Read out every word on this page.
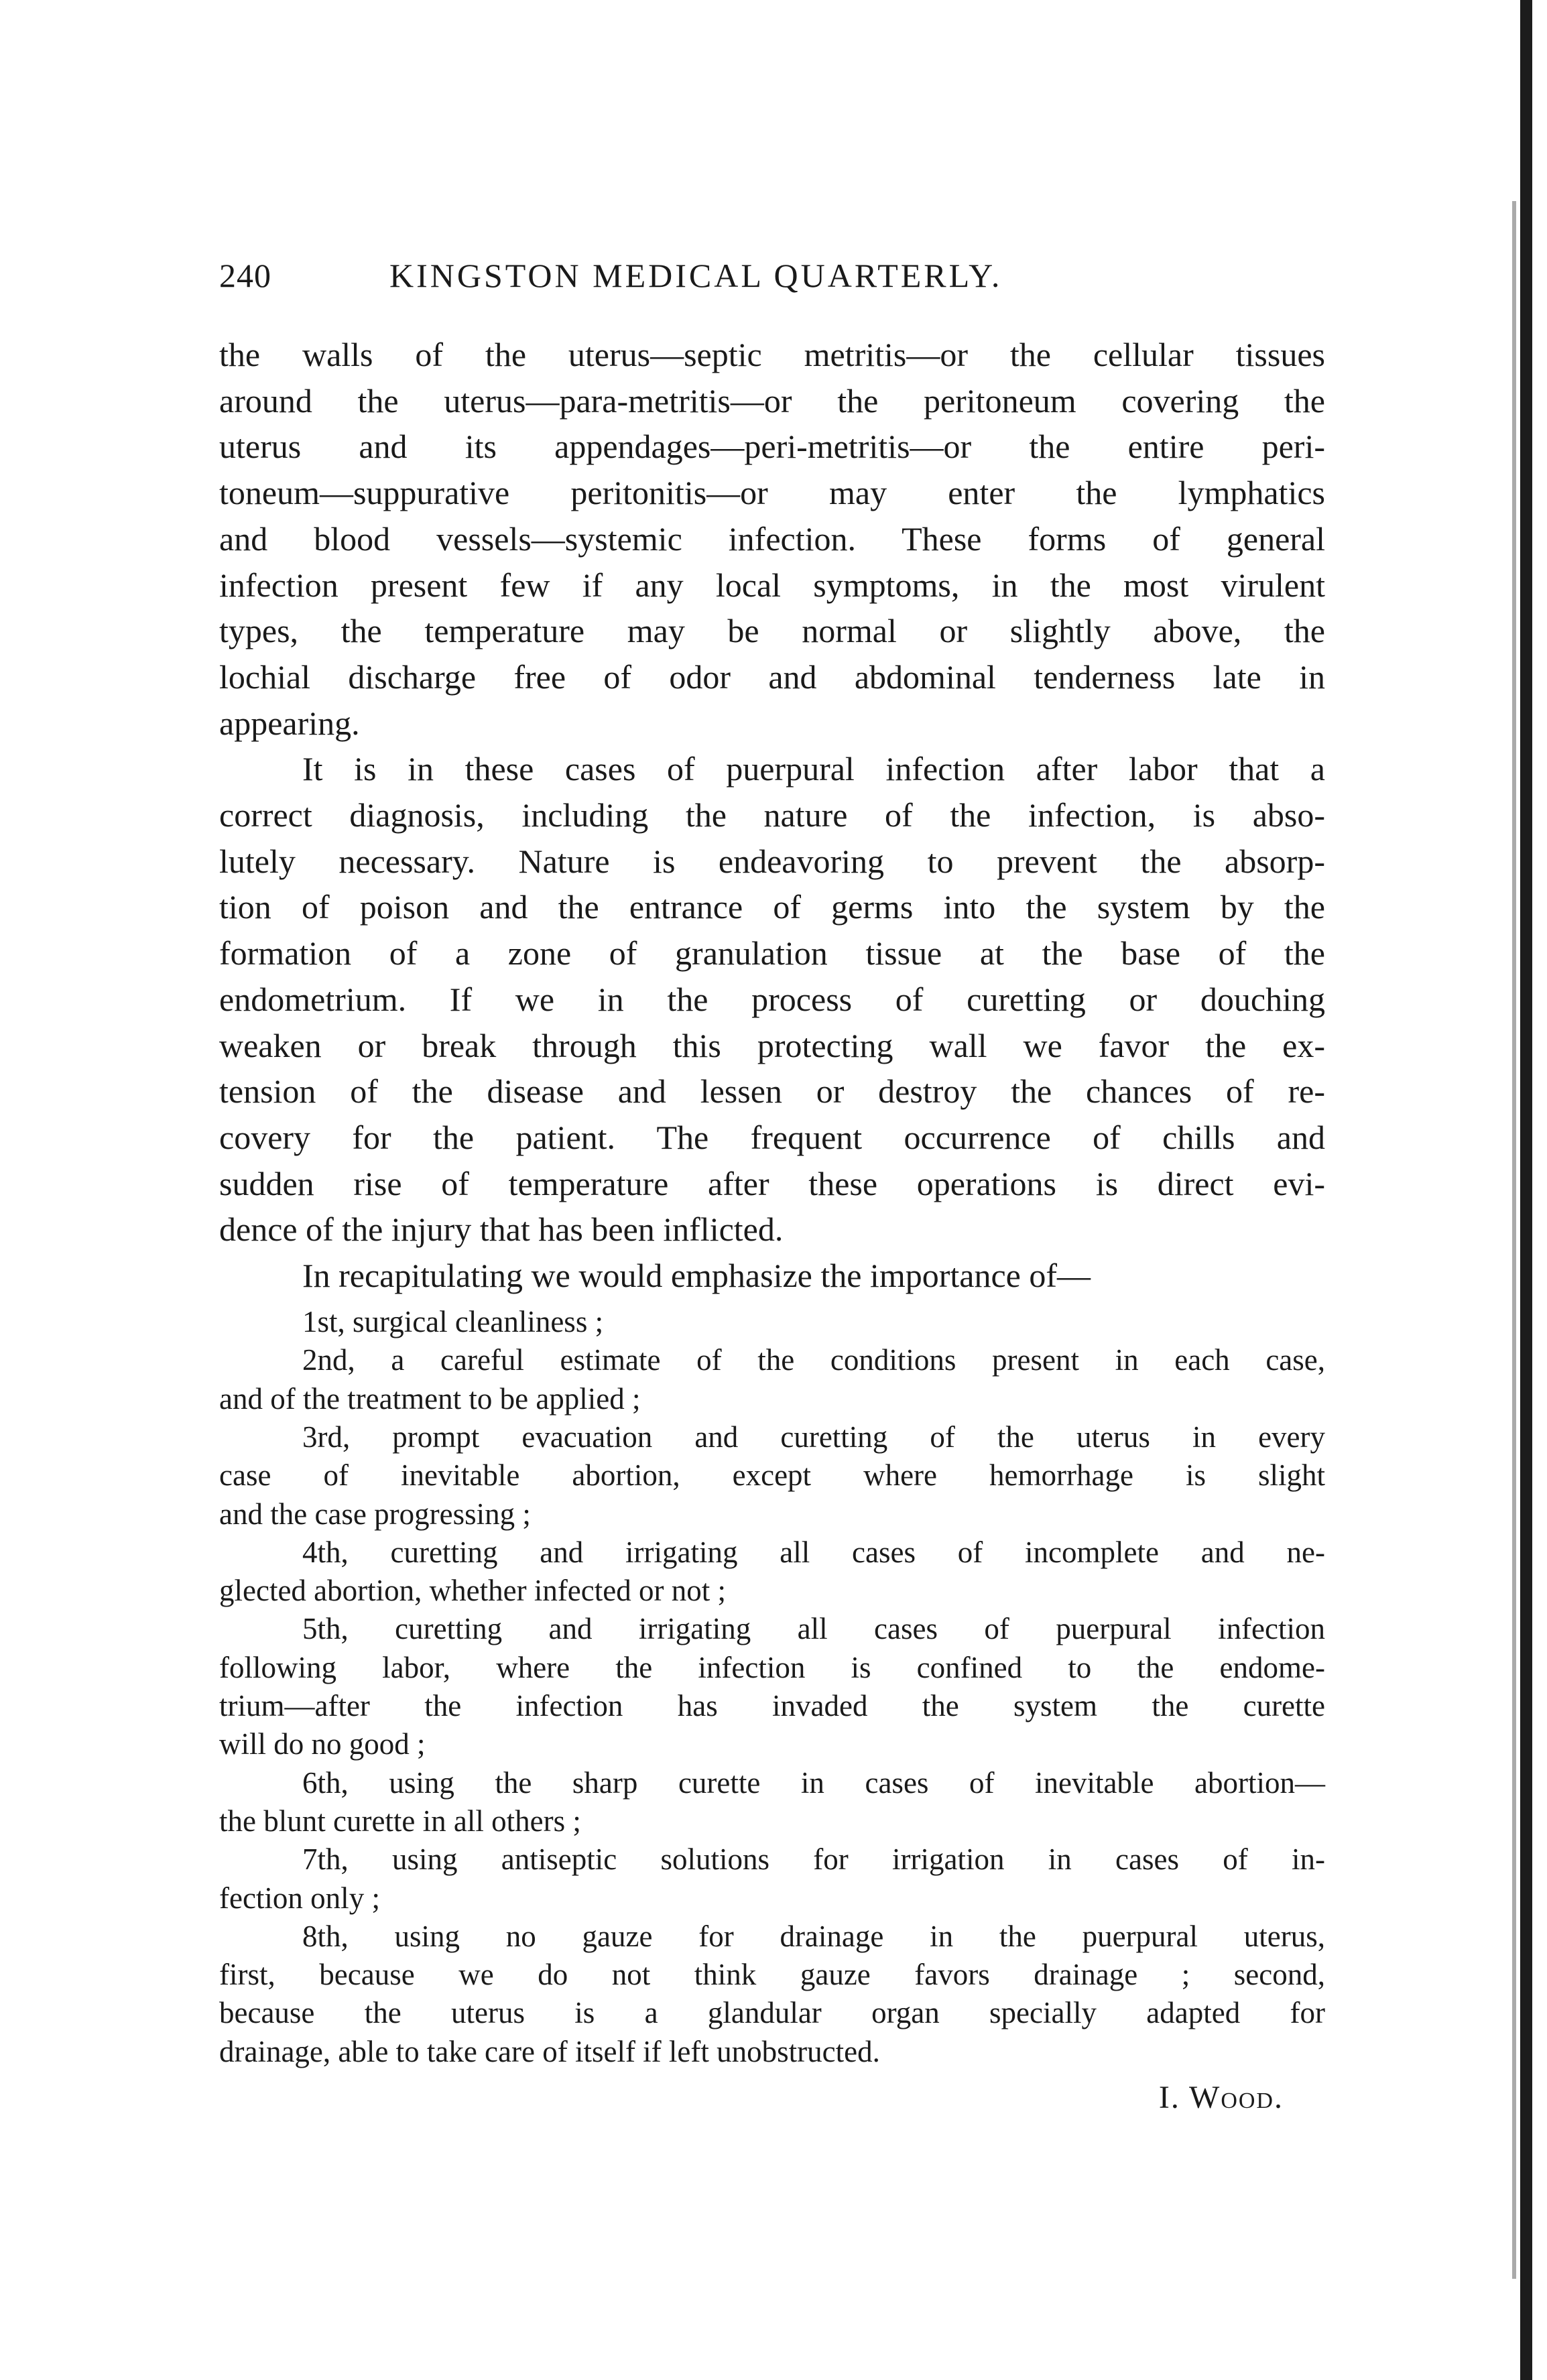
240	KINGSTON MEDICAL QUARTERLY.
the walls of the uterus—septic metritis—or the cellular tissues
around the uterus—para-metritis—or the peritoneum covering the
uterus and its appendages—peri-metritis—or the entire peri-
toneum—suppurative peritonitis—or may enter the lymphatics
and blood vessels—systemic infection. These forms of general
infection present few if any local symptoms, in the most virulent
types, the temperature may be normal or slightly above, the
lochial discharge free of odor and abdominal tenderness late in
appearing.
It is in these cases of puerpural infection after labor that a
correct diagnosis, including the nature of the infection, is abso-
lutely necessary. Nature is endeavoring to prevent the absorp-
tion of poison and the entrance of germs into the system by the
formation of a zone of granulation tissue at the base of the
endometrium. If we in the process of curetting or douching
weaken or break through this protecting wall we favor the ex-
tension of the disease and lessen or destroy the chances of re-
covery for the patient. The frequent occurrence of chills and
sudden rise of temperature after these operations is direct evi-
dence of the injury that has been inflicted.
In recapitulating we would emphasize the importance of—
1st, surgical cleanliness ;
2nd, a careful estimate of the conditions present in each case,
and of the treatment to be applied ;
3rd, prompt evacuation and curetting of the uterus in every
case of inevitable abortion, except where hemorrhage is slight
and the case progressing ;
4th, curetting and irrigating all cases of incomplete and ne-
glected abortion, whether infected or not ;
5th, curetting and irrigating all cases of puerpural infection
following labor, where the infection is confined to the endome-
trium—after the infection has invaded the system the curette
will do no good ;
6th, using the sharp curette in cases of inevitable abortion—
the blunt curette in all others ;
7th, using antiseptic solutions for irrigation in cases of in-
fection only ;
8th, using no gauze for drainage in the puerpural uterus,
first, because we do not think gauze favors drainage ; second,
because the uterus is a glandular organ specially adapted for
drainage, able to take care of itself if left unobstructed.
I. Wood.
